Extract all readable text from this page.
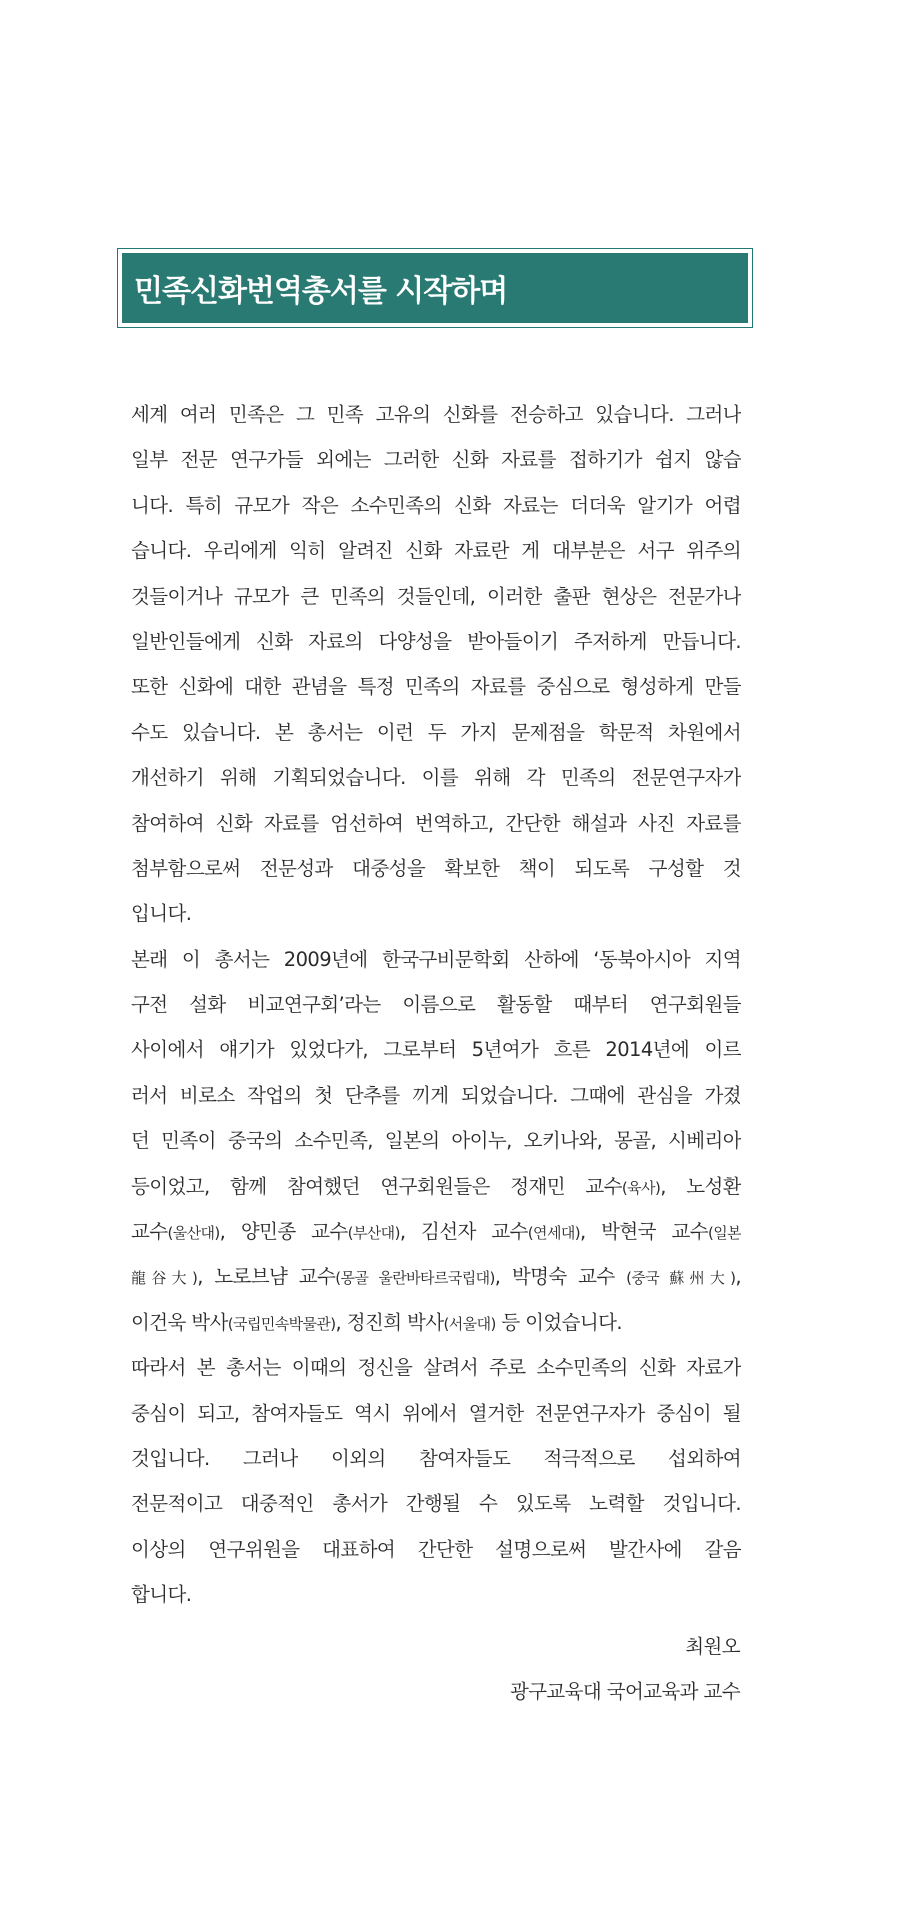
민족신화번역총서를 시작하며
세계 여러 민족은 그 민족 고유의 신화를 전승하고 있습니다. 그러나
일부 전문 연구가들 외에는 그러한 신화 자료를 접하기가 쉽지 않습
니다. 특히 규모가 작은 소수민족의 신화 자료는 더더욱 알기가 어렵
습니다. 우리에게 익히 알려진 신화 자료란 게 대부분은 서구 위주의
것들이거나 규모가 큰 민족의 것들인데, 이러한 출판 현상은 전문가나
일반인들에게 신화 자료의 다양성을 받아들이기 주저하게 만듭니다.
또한 신화에 대한 관념을 특정 민족의 자료를 중심으로 형성하게 만들
수도 있습니다. 본 총서는 이런 두 가지 문제점을 학문적 차원에서
개선하기 위해 기획되었습니다. 이를 위해 각 민족의 전문연구자가
참여하여 신화 자료를 엄선하여 번역하고, 간단한 해설과 사진 자료를
첨부함으로써 전문성과 대중성을 확보한 책이 되도록 구성할 것
입니다.
본래 이 총서는 2009년에 한국구비문학회 산하에 ‘동북아시아 지역
구전 설화 비교연구회’라는 이름으로 활동할 때부터 연구회원들
사이에서 얘기가 있었다가, 그로부터 5년여가 흐른 2014년에 이르
러서 비로소 작업의 첫 단추를 끼게 되었습니다. 그때에 관심을 가졌
던 민족이 중국의 소수민족, 일본의 아이누, 오키나와, 몽골, 시베리아
등이었고, 함께 참여했던 연구회원들은 정재민 교수(육사), 노성환
교수(울산대), 양민종 교수(부산대), 김선자 교수(연세대), 박현국 교수(일본
龍谷大), 노로브냠 교수(몽골 울란바타르국립대), 박명숙 교수 (중국 蘇州大),
이건욱 박사(국립민속박물관), 정진희 박사(서울대) 등 이었습니다.
따라서 본 총서는 이때의 정신을 살려서 주로 소수민족의 신화 자료가
중심이 되고, 참여자들도 역시 위에서 열거한 전문연구자가 중심이 될
것입니다. 그러나 이외의 참여자들도 적극적으로 섭외하여
전문적이고 대중적인 총서가 간행될 수 있도록 노력할 것입니다.
이상의 연구위원을 대표하여 간단한 설명으로써 발간사에 갈음
합니다.
최원오
광구교육대 국어교육과 교수
